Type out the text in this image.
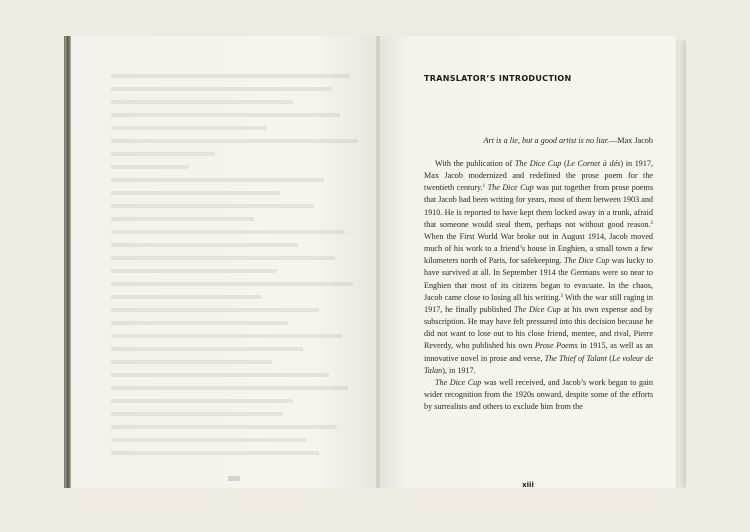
TRANSLATOR’S INTRODUCTION

Art is a lie, but a good artist is no liar.—Max Jacob

With the publication of The Dice Cup (Le Cornet à dés) in 1917, Max Jacob modernized and redefined the prose poem for the twentieth century.$^1$ The Dice Cup was put together from prose poems that Jacob had been writing for years, most of them between 1903 and 1910. He is reported to have kept them locked away in a trunk, afraid that someone would steal them, perhaps not without good reason.$^2$ When the First World War broke out in August 1914, Jacob moved much of his work to a friend’s house in Enghien, a small town a few kilometers north of Paris, for safekeeping. The Dice Cup was lucky to have survived at all. In September 1914 the Germans were so near to Enghien that most of its citizens began to evacuate. In the chaos, Jacob came close to losing all his writing.$^3$ With the war still raging in 1917, he finally published The Dice Cup at his own expense and by subscription. He may have felt pressured into this decision because he did not want to lose out to his close friend, mentee, and rival, Pierre Reverdy, who published his own Prose Poems in 1915, as well as an innovative novel in prose and verse, The Thief of Talant (Le voleur de Talan), in 1917.

The Dice Cup was well received, and Jacob’s work began to gain wider recognition from the 1920s onward, despite some of the efforts by surrealists and others to exclude him from the

xiii
